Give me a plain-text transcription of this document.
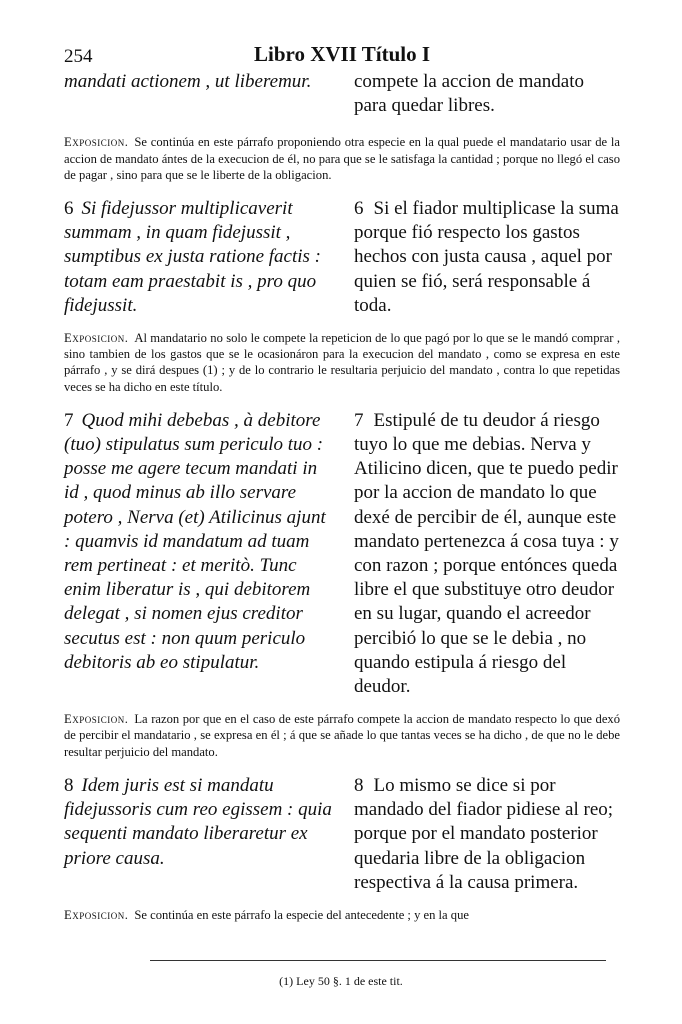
254	Libro XVII Título I
mandati actionem , ut liberemur.	compete la accion de mandato para quedar libres.
Exposicion. Se continúa en este párrafo proponiendo otra especie en la qual puede el mandatario usar de la accion de mandato ántes de la execucion de él, no para que se le satisfaga la cantidad ; porque no llegó el caso de pagar , sino para que se le liberte de la obligacion.
6 Si fidejussor multiplicaverit summam , in quam fidejussit , sumptibus ex justa ratione factis : totam eam praestabit is , pro quo fidejussit.
6 Si el fiador multiplicase la suma porque fió respecto los gastos hechos con justa causa , aquel por quien se fió, será responsable á toda.
Exposicion. Al mandatario no solo le compete la repeticion de lo que pagó por lo que se le mandó comprar , sino tambien de los gastos que se le ocasionáron para la execucion del mandato , como se expresa en este párrafo , y se dirá despues (1) ; y de lo contrario le resultaria perjuicio del mandato , contra lo que repetidas veces se ha dicho en este título.
7 Quod mihi debebas , à debitore (tuo) stipulatus sum periculo tuo : posse me agere tecum mandati in id , quod minus ab illo servare potero , Nerva (et) Atilicinus ajunt : quamvis id mandatum ad tuam rem pertineat : et meritò. Tunc enim liberatur is , qui debitorem delegat , si nomen ejus creditor secutus est : non quum periculo debitoris ab eo stipulatur.
7 Estipulé de tu deudor á riesgo tuyo lo que me debias. Nerva y Atilicino dicen, que te puedo pedir por la accion de mandato lo que dexé de percibir de él, aunque este mandato pertenezca á cosa tuya : y con razon ; porque entónces queda libre el que substituye otro deudor en su lugar, quando el acreedor percibió lo que se le debia , no quando estipula á riesgo del deudor.
Exposicion. La razon por que en el caso de este párrafo compete la accion de mandato respecto lo que dexó de percibir el mandatario , se expresa en él ; á que se añade lo que tantas veces se ha dicho , de que no le debe resultar perjuicio del mandato.
8 Idem juris est si mandatu fidejussoris cum reo egissem : quia sequenti mandato liberaretur ex priore causa.
8 Lo mismo se dice si por mandado del fiador pidiese al reo; porque por el mandato posterior quedaria libre de la obligacion respectiva á la causa primera.
Exposicion. Se continúa en este párrafo la especie del antecedente ; y en la que
(1) Ley 50 §. 1 de este tit.
